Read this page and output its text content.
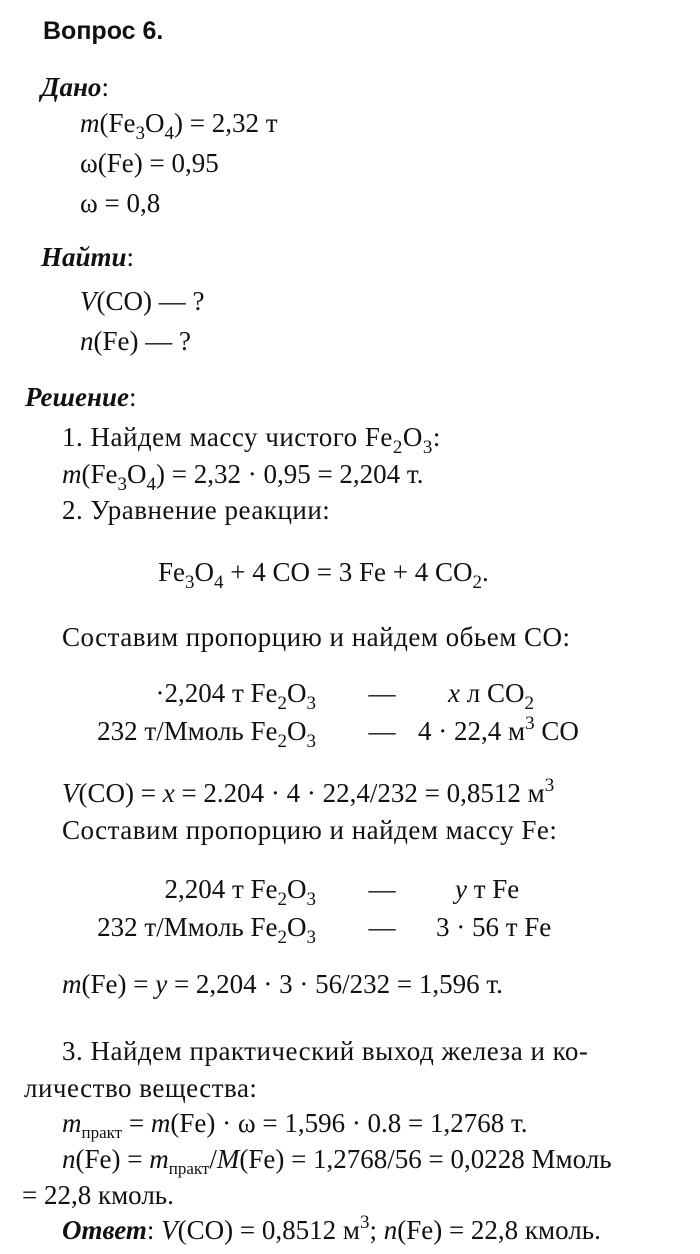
Вопрос 6.
Дано:
$m(Fe_3O_4) = 2,32$ т
ω(Fe) = 0,95
ω = 0,8
Найти:
V(CO) — ?
n(Fe) — ?
Решение:
1. Найдем массу чистого $Fe_2O_3$:
$m(Fe_3O_4) = 2,32 \cdot 0,95 = 2,204$ т.
2. Уравнение реакции:
$Fe_3O_4 + 4$ CO = 3 Fe + 4 $CO_2$.
Составим пропорцию и найдем обьем CO:
·2,204 т $Fe_2O_3$ — x л $CO_2$
232 т/Ммоль $Fe_2O_3$ — 4 · 22,4 $м^3$ CO
V(CO) = x = 2.204 · 4 · 22,4/232 = 0,8512 $м^3$
Составим пропорцию и найдем массу Fe:
2,204 т $Fe_2O_3$ — y т Fe
232 т/Ммоль $Fe_2O_3$ — 3 · 56 т Fe
m(Fe) = y = 2,204 · 3 · 56/232 = 1,596 т.
3. Найдем практический выход железа и ко-
личество вещества:
$m_{практ} = m(Fe) \cdot \omega = 1,596 \cdot 0.8 = 1,2768$ т.
$n(Fe) = m_{практ}/M(Fe) = 1,2768/56 = 0,0228$ Ммоль
= 22,8 кмоль.
Ответ: V(CO) = 0,8512 $м^3$; n(Fe) = 22,8 кмоль.
